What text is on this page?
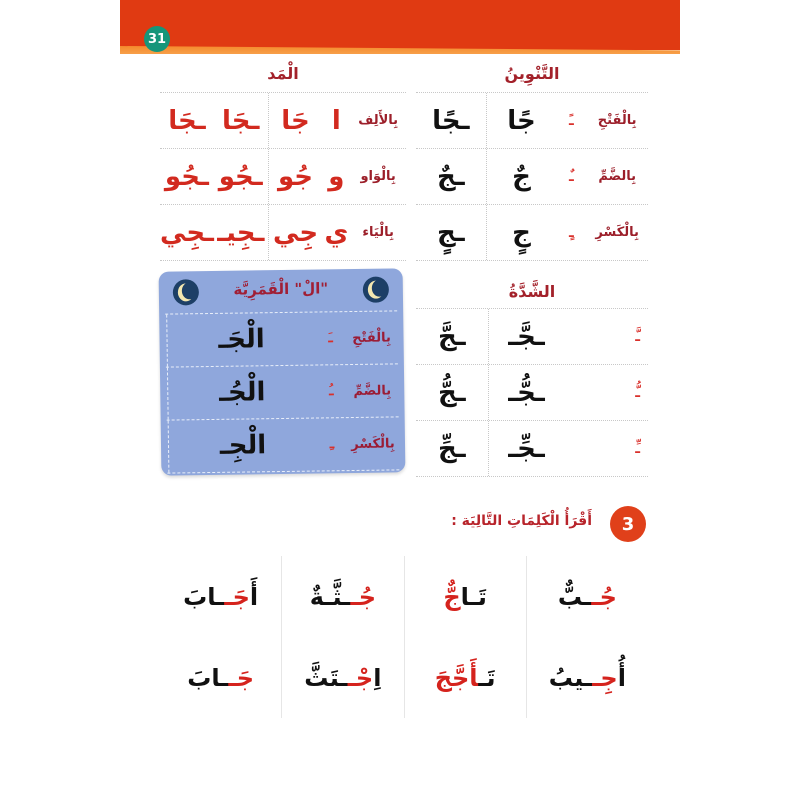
31
التَّنْوِينُ
بِالْفَتْحِ
ـً
جًا
ـجًا
بِالضَّمِّ
ـٌ
جٌ
ـجٌ
بِالْكَسْرِ
ـٍ
جٍ
ـجٍ
الْمَد
بِالأَلِف
ا
جَا
ـجَا
ـجَا
بِالْوَاو
و
جُو
ـجُو
ـجُو
بِالْيَاء
ي
جِي
ـجِيـ
ـجِي
الشَّدَّةُ
ـَّ
ـجَّـ
ـجَّ
ـُّ
ـجُّـ
ـجُّ
ـِّ
ـجِّـ
ـجِّ
"الْ" الْقَمَرِيَّة
بِالْفَتْحِ
ـَ
الْجَـ
بِالضَّمِّ
ـُ
الْجُـ
بِالْكَسْرِ
ـِ
الْجِـ
3
أَقْرَأُ الْكَلِمَاتِ التَّالِيَة :
جُــبٌّ
أُجِــيبُ
تَـاجٌّ
تَـأَجَّجَ
جُــثَّـةٌ
اِجْــتَثَّ
أَجَــابَ
جَــابَ
